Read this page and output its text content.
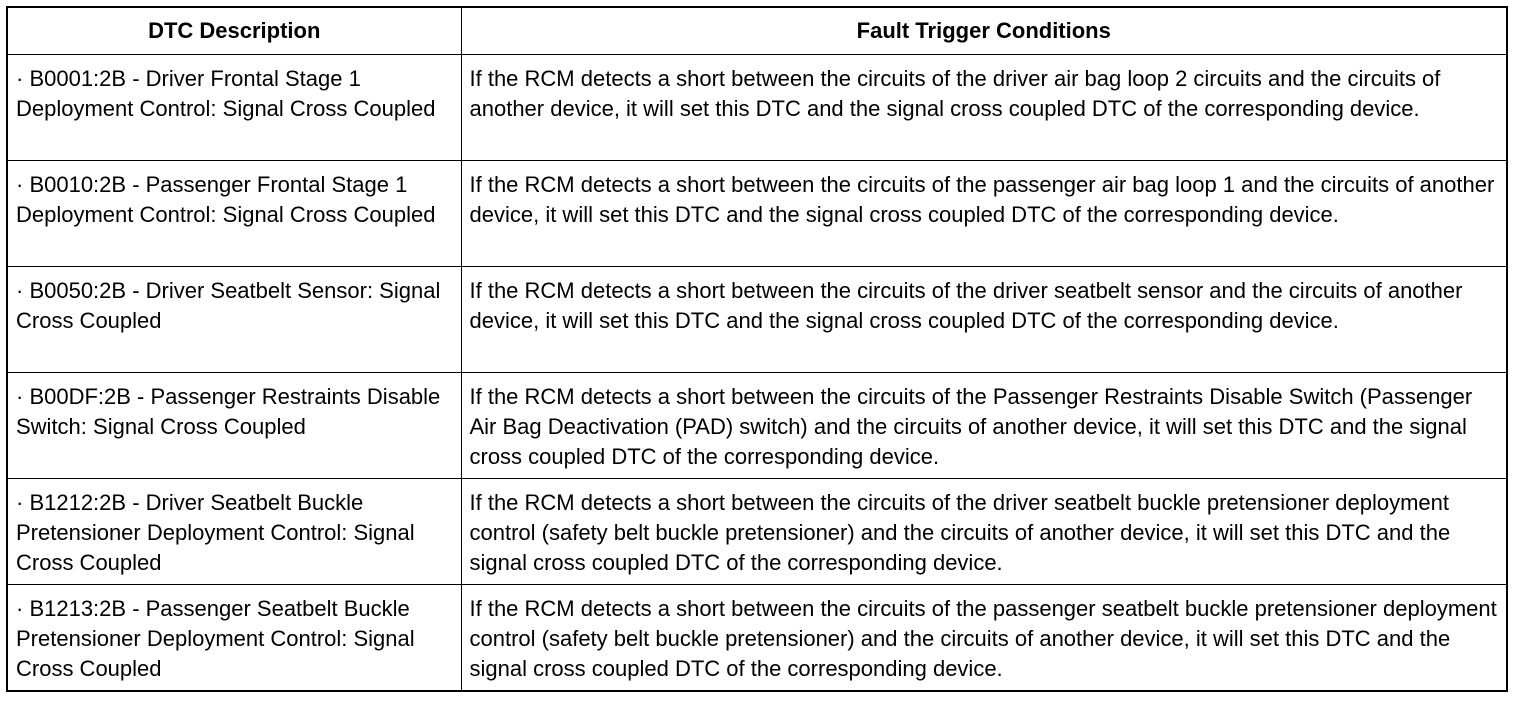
DTC Description	Fault Trigger Conditions
· B0001:2B - Driver Frontal Stage 1 Deployment Control: Signal Cross Coupled	If the RCM detects a short between the circuits of the driver air bag loop 2 circuits and the circuits of another device, it will set this DTC and the signal cross coupled DTC of the corresponding device.
· B0010:2B - Passenger Frontal Stage 1 Deployment Control: Signal Cross Coupled	If the RCM detects a short between the circuits of the passenger air bag loop 1 and the circuits of another device, it will set this DTC and the signal cross coupled DTC of the corresponding device.
· B0050:2B - Driver Seatbelt Sensor: Signal Cross Coupled	If the RCM detects a short between the circuits of the driver seatbelt sensor and the circuits of another device, it will set this DTC and the signal cross coupled DTC of the corresponding device.
· B00DF:2B - Passenger Restraints Disable Switch: Signal Cross Coupled	If the RCM detects a short between the circuits of the Passenger Restraints Disable Switch (Passenger Air Bag Deactivation (PAD) switch) and the circuits of another device, it will set this DTC and the signal cross coupled DTC of the corresponding device.
· B1212:2B - Driver Seatbelt Buckle Pretensioner Deployment Control: Signal Cross Coupled	If the RCM detects a short between the circuits of the driver seatbelt buckle pretensioner deployment control (safety belt buckle pretensioner) and the circuits of another device, it will set this DTC and the signal cross coupled DTC of the corresponding device.
· B1213:2B - Passenger Seatbelt Buckle Pretensioner Deployment Control: Signal Cross Coupled	If the RCM detects a short between the circuits of the passenger seatbelt buckle pretensioner deployment control (safety belt buckle pretensioner) and the circuits of another device, it will set this DTC and the signal cross coupled DTC of the corresponding device.
